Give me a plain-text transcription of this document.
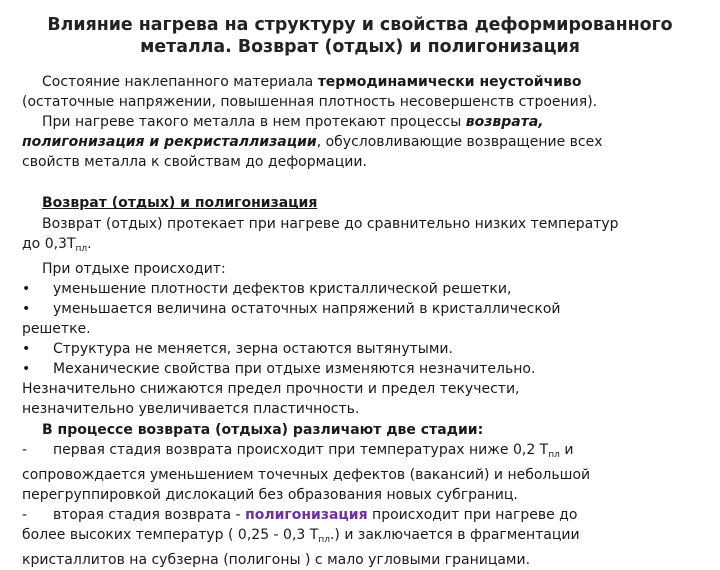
Влияние нагрева на структуру и свойства деформированного
металла. Возврат (отдых) и полигонизация

Состояние наклепанного материала термодинамически неустойчиво

(остаточные напряжении, повышенная плотность несовершенств строения).

При нагреве такого металла в нем протекают процессы возврата,

полигонизация и рекристаллизации, обусловливающие возвращение всех

свойств металла к свойствам до деформации.

Возврат (отдых) и полигонизация

Возврат (отдых) протекает при нагреве до сравнительно низких температур

до $0,3T_{пл}$.

При отдыхе происходит:

• уменьшение плотности дефектов кристаллической решетки,

• уменьшается величина остаточных напряжений в кристаллической

решетке.

• Структура не меняется, зерна остаются вытянутыми.

• Механические свойства при отдыхе изменяются незначительно.

Незначительно снижаются предел прочности и предел текучести,

незначительно увеличивается пластичность.

В процессе возврата (отдыха) различают две стадии:

- первая стадия возврата происходит при температурах ниже 0,2 $T_{пл}$ и

сопровождается уменьшением точечных дефектов (вакансий) и небольшой

перегруппировкой дислокаций без образования новых субграниц.

- вторая стадия возврата - полигонизация происходит при нагреве до

более высоких температур ( 0,25 - 0,3 $T_{пл}$.) и заключается в фрагментации

кристаллитов на субзерна (полигоны ) с мало угловыми границами.
